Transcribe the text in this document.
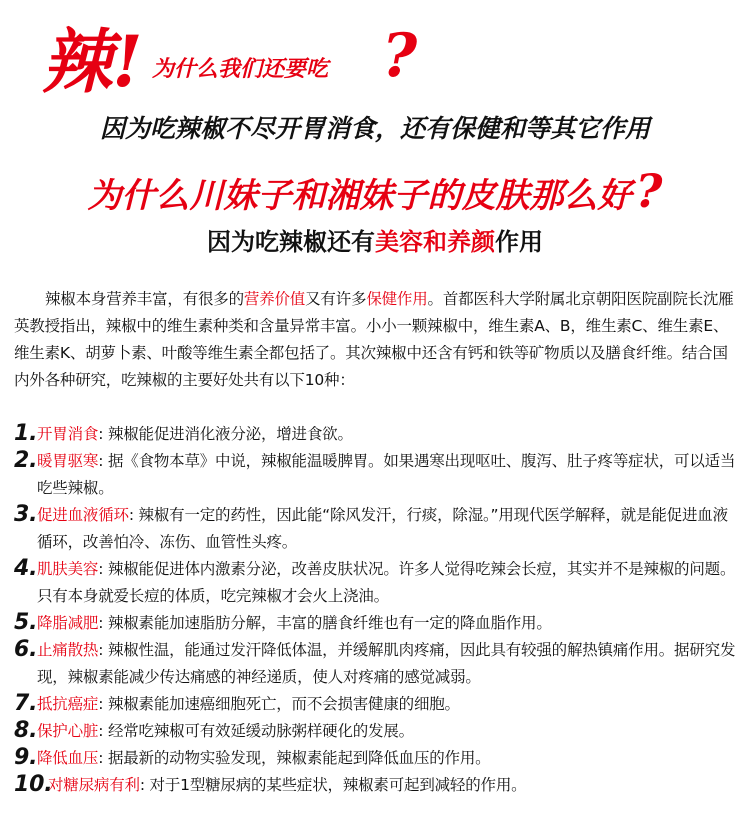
辣! 为什么我们还要吃 ?
因为吃辣椒不尽开胃消食，还有保健和等其它作用
为什么川妹子和湘妹子的皮肤那么好?
因为吃辣椒还有美容和养颜作用

辣椒本身营养丰富，有很多的营养价值又有许多保健作用。首都医科大学附属北京朝阳医院副院长沈雁英教授指出，辣椒中的维生素种类和含量异常丰富。小小一颗辣椒中，维生素A、B，维生素C、维生素E、维生素K、胡萝卜素、叶酸等维生素全都包括了。其次辣椒中还含有钙和铁等矿物质以及膳食纤维。结合国内外各种研究，吃辣椒的主要好处共有以下10种：

1. 开胃消食: 辣椒能促进消化液分泌，增进食欲。
2. 暖胃驱寒: 据《食物本草》中说，辣椒能温暖脾胃。如果遇寒出现呕吐、腹泻、肚子疼等症状，可以适当吃些辣椒。
3. 促进血液循环: 辣椒有一定的药性，因此能“除风发汗，行痰，除湿。”用现代医学解释，就是能促进血液循环，改善怕冷、冻伤、血管性头疼。
4. 肌肤美容: 辣椒能促进体内激素分泌，改善皮肤状况。许多人觉得吃辣会长痘，其实并不是辣椒的问题。只有本身就爱长痘的体质，吃完辣椒才会火上浇油。
5. 降脂减肥: 辣椒素能加速脂肪分解，丰富的膳食纤维也有一定的降血脂作用。
6. 止痛散热: 辣椒性温，能通过发汗降低体温，并缓解肌肉疼痛，因此具有较强的解热镇痛作用。据研究发现，辣椒素能减少传达痛感的神经递质，使人对疼痛的感觉减弱。
7. 抵抗癌症: 辣椒素能加速癌细胞死亡，而不会损害健康的细胞。
8. 保护心脏: 经常吃辣椒可有效延缓动脉粥样硬化的发展。
9. 降低血压: 据最新的动物实验发现，辣椒素能起到降低血压的作用。
10.
对糖尿病有利: 对于1型糖尿病的某些症状，辣椒素可起到减轻的作用。
